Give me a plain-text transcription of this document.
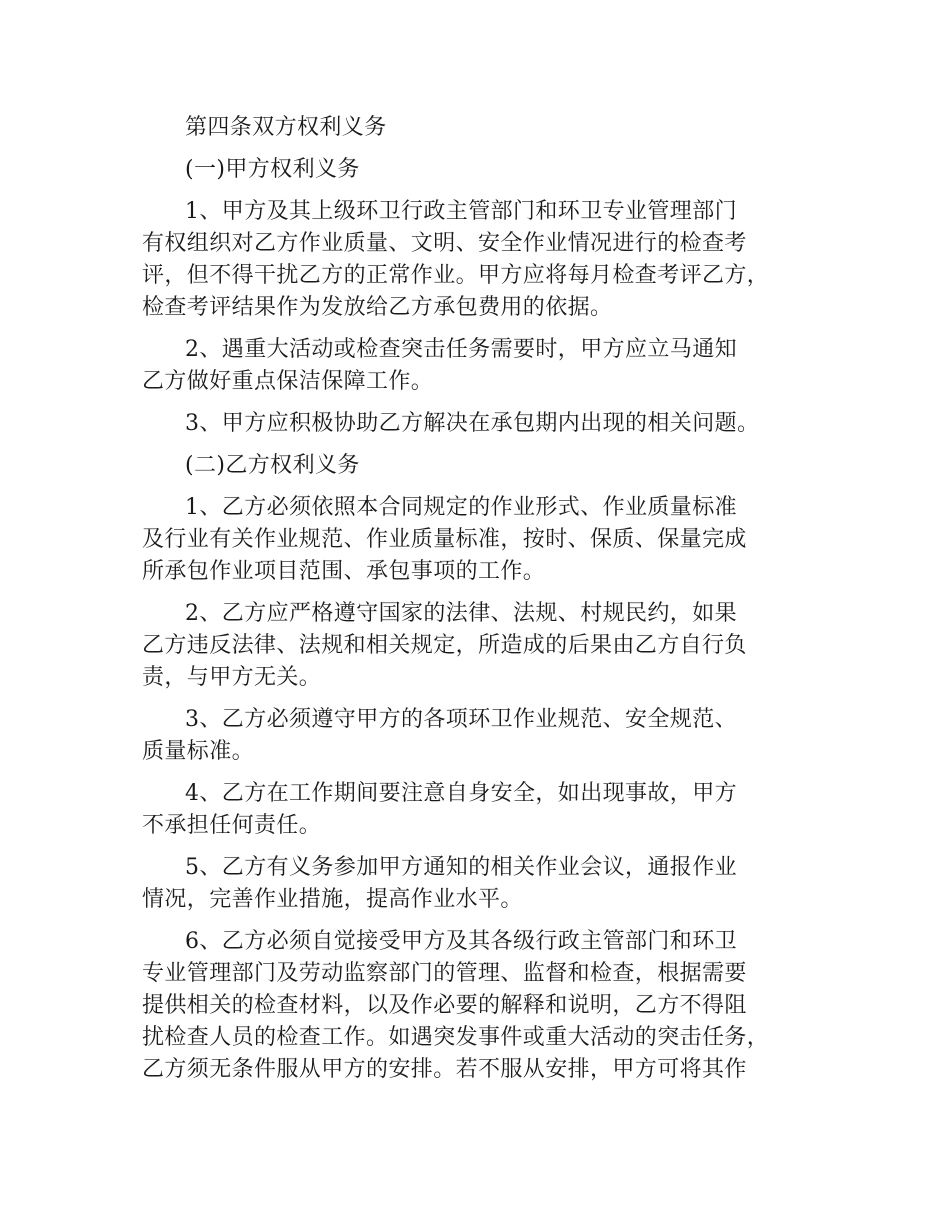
第四条双方权利义务
(一)甲方权利义务
1、甲方及其上级环卫行政主管部门和环卫专业管理部门
有权组织对乙方作业质量、文明、安全作业情况进行的检查考
评，但不得干扰乙方的正常作业。甲方应将每月检查考评乙方，
检查考评结果作为发放给乙方承包费用的依据。
2、遇重大活动或检查突击任务需要时，甲方应立马通知
乙方做好重点保洁保障工作。
3、甲方应积极协助乙方解决在承包期内出现的相关问题。
(二)乙方权利义务
1、乙方必须依照本合同规定的作业形式、作业质量标准
及行业有关作业规范、作业质量标准，按时、保质、保量完成
所承包作业项目范围、承包事项的工作。
2、乙方应严格遵守国家的法律、法规、村规民约，如果
乙方违反法律、法规和相关规定，所造成的后果由乙方自行负
责，与甲方无关。
3、乙方必须遵守甲方的各项环卫作业规范、安全规范、
质量标准。
4、乙方在工作期间要注意自身安全，如出现事故，甲方
不承担任何责任。
5、乙方有义务参加甲方通知的相关作业会议，通报作业
情况，完善作业措施，提高作业水平。
6、乙方必须自觉接受甲方及其各级行政主管部门和环卫
专业管理部门及劳动监察部门的管理、监督和检查，根据需要
提供相关的检查材料，以及作必要的解释和说明，乙方不得阻
扰检查人员的检查工作。如遇突发事件或重大活动的突击任务，
乙方须无条件服从甲方的安排。若不服从安排，甲方可将其作
